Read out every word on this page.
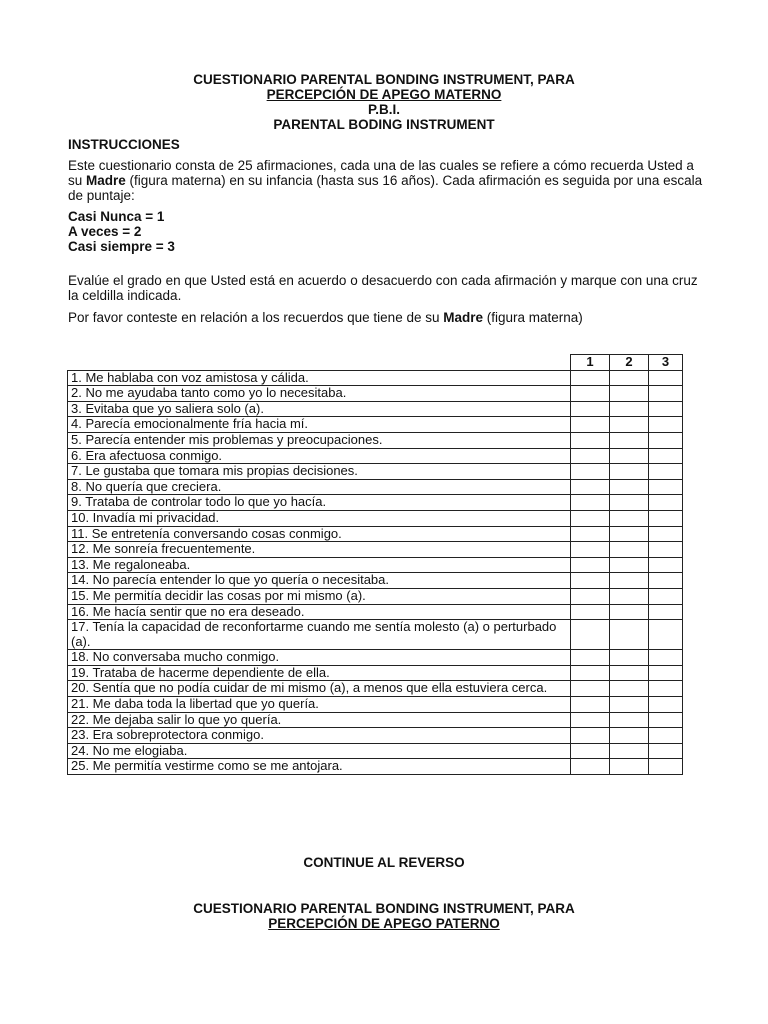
CUESTIONARIO PARENTAL BONDING INSTRUMENT, PARA
PERCEPCIÓN DE APEGO MATERNO
P.B.I.
PARENTAL BODING INSTRUMENT
INSTRUCCIONES
Este cuestionario consta de 25 afirmaciones, cada una de las cuales se refiere a cómo recuerda Usted a su Madre (figura materna) en su infancia (hasta sus 16 años). Cada afirmación es seguida por una escala de puntaje:
Casi Nunca = 1
A veces = 2
Casi siempre = 3
Evalúe el grado en que Usted está en acuerdo o desacuerdo con cada afirmación y marque con una cruz la celdilla indicada.
Por favor conteste en relación a los recuerdos que tiene de su Madre (figura materna)
	1	2	3
1. Me hablaba con voz amistosa y cálida.			
2. No me ayudaba tanto como yo lo necesitaba.			
3. Evitaba que yo saliera solo (a).			
4. Parecía emocionalmente fría hacia mí.			
5. Parecía entender mis problemas y preocupaciones.			
6. Era afectuosa conmigo.			
7. Le gustaba que tomara mis propias decisiones.			
8. No quería que creciera.			
9. Trataba de controlar todo lo que yo hacía.			
10. Invadía mi privacidad.			
11. Se entretenía conversando cosas conmigo.			
12. Me sonreía frecuentemente.			
13. Me regaloneaba.			
14. No parecía entender lo que yo quería o necesitaba.			
15. Me permitía decidir las cosas por mi mismo (a).			
16. Me hacía sentir que no era deseado.			
17. Tenía la capacidad de reconfortarme cuando me sentía molesto (a) o perturbado (a).			
18. No conversaba mucho conmigo.			
19. Trataba de hacerme dependiente de ella.			
20. Sentía que no podía cuidar de mi mismo (a), a menos que ella estuviera cerca.			
21. Me daba toda la libertad que yo quería.			
22. Me dejaba salir lo que yo quería.			
23. Era sobreprotectora conmigo.			
24. No me elogiaba.			
25. Me permitía vestirme como se me antojara.			
CONTINUE AL REVERSO
CUESTIONARIO PARENTAL BONDING INSTRUMENT, PARA
PERCEPCIÓN DE APEGO PATERNO
